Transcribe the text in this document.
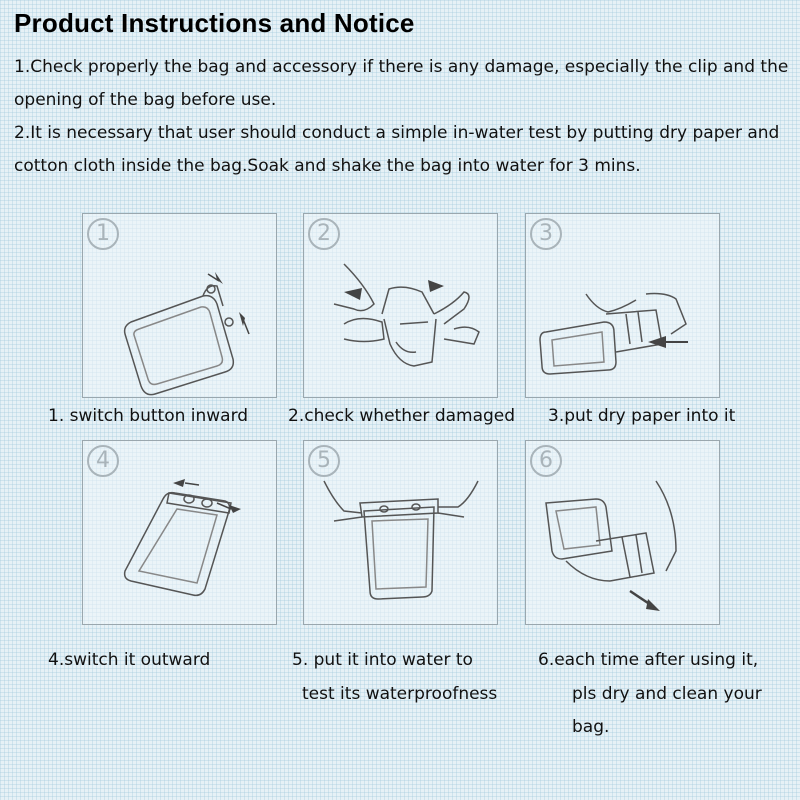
Product Instructions and Notice
1.Check properly the bag and accessory if there is any damage, especially the clip and the opening of the bag before use.
2.It is necessary that user should conduct a simple in-water test by putting dry paper and cotton cloth inside the bag.Soak and shake the bag into water for 3 mins.
1
1. switch button inward
2
2.check whether damaged
3
3.put dry paper into it
4
4.switch it outward
5
5. put it into water to
test its waterproofness
6
6.each time after using it,
pls dry and clean your
bag.
